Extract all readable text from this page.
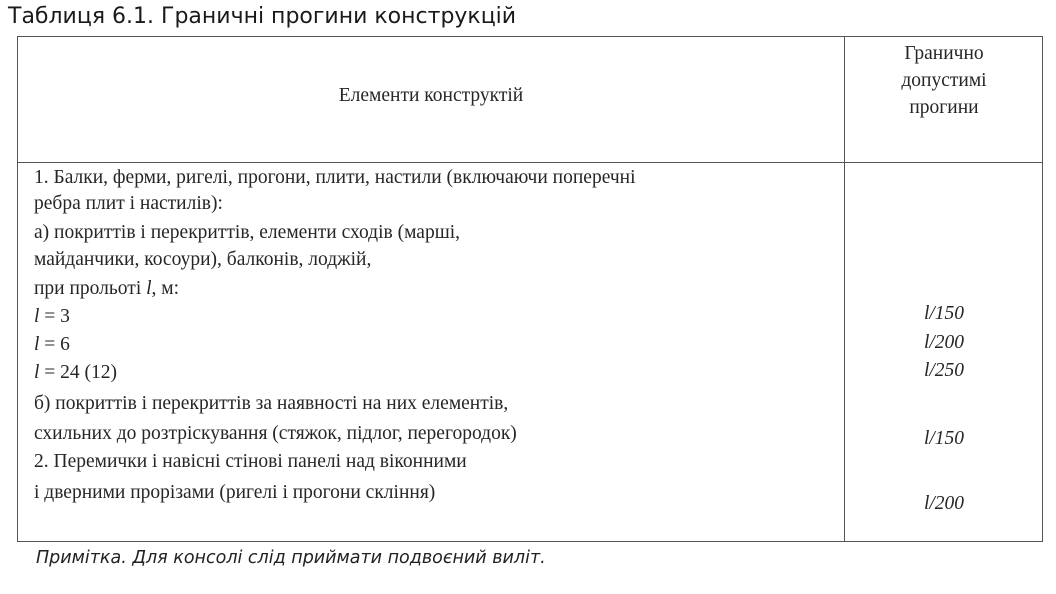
Таблиця 6.1. Граничні прогини конструкцій
Елементи конструктій
Гранично
допустимі
прогини
1. Балки, ферми, ригелі, прогони, плити, настили (включаючи поперечні
ребра плит і настилів):
а) покриттів і перекриттів, елементи сходів (марші,
майданчики, косоури), балконів, лоджій,
при прольоті l, м:
l = 3
l = 6
l = 24 (12)
б) покриттів і перекриттів за наявності на них елементів,
схильних до розтріскування (стяжок, підлог, перегородок)
2. Перемички і навісні стінові панелі над віконними
і дверними прорізами (ригелі і прогони скління)
l/150
l/200
l/250
l/150
l/200
Примітка. Для консолі слід приймати подвоєний виліт.
